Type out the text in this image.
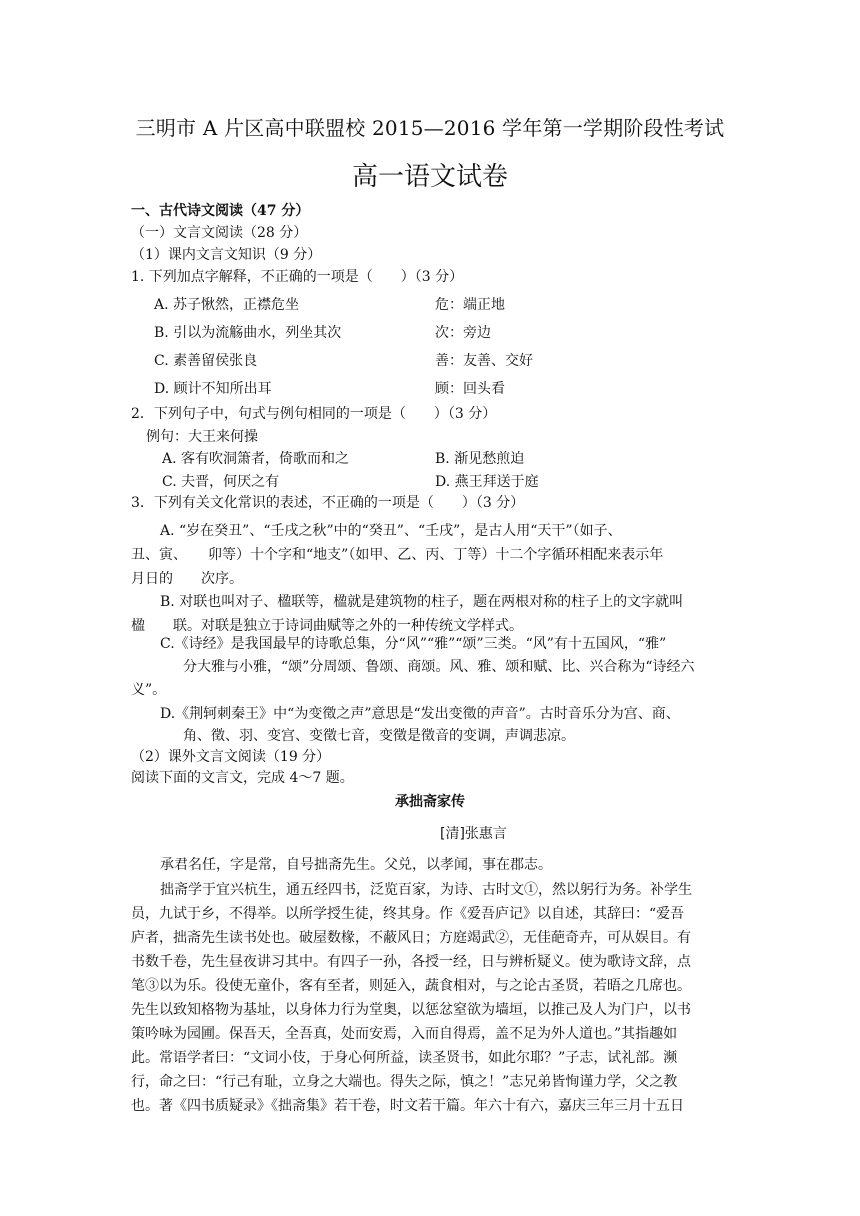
三明市 A 片区高中联盟校 2015—2016 学年第一学期阶段性考试
高一语文试卷
一、古代诗文阅读（47 分）
（一）文言文阅读（28 分）
（1）课内文言文知识（9 分）
1. 下列加点字解释，不正确的一项是（　　）（3 分）
A. 苏子愀然，正襟危坐	危：端正地
B. 引以为流觞曲水，列坐其次	次：旁边
C. 素善留侯张良	善：友善、交好
D. 顾计不知所出耳	顾：回头看
2．下列句子中，句式与例句相同的一项是（　　）（3 分）
例句：大王来何操
A. 客有吹洞箫者，倚歌而和之	B. 渐见愁煎迫
C. 夫晋，何厌之有	D. 燕王拜送于庭
3．下列有关文化常识的表述，不正确的一项是（　　）（3 分）
A. “岁在癸丑”、“壬戌之秋”中的“癸丑”、“壬戌”，是古人用“天干”（如子、
丑、寅、　　卯等）十个字和“地支”（如甲、乙、丙、丁等）十二个字循环相配来表示年
月日的　　次序。
B. 对联也叫对子、楹联等，楹就是建筑物的柱子，题在两根对称的柱子上的文字就叫
楹　　联。对联是独立于诗词曲赋等之外的一种传统文学样式。
C.《诗经》是我国最早的诗歌总集，分“风”“雅”“颂”三类。“风”有十五国风，“雅”
分大雅与小雅，“颂”分周颂、鲁颂、商颂。风、雅、颂和赋、比、兴合称为“诗经六
义”。
D.《荆轲刺秦王》中“为变徵之声”意思是“发出变徵的声音”。古时音乐分为宫、商、
角、徵、羽、变宫、变徵七音，变徵是徵音的变调，声调悲凉。
（2）课外文言文阅读（19 分）
阅读下面的文言文，完成 4～7 题。
承拙斋家传
[清]张惠言
承君名任，字是常，自号拙斋先生。父兑，以孝闻，事在郡志。
拙斋学于宜兴杭生，通五经四书，泛览百家，为诗、古时文①，然以躬行为务。补学生
员，九试于乡，不得举。以所学授生徒，终其身。作《爱吾庐记》以自述，其辞曰：“爱吾
庐者，拙斋先生读书处也。破屋数椽，不蔽风日；方庭竭武②，无佳葩奇卉，可从娱目。有
书数千卷，先生昼夜讲习其中。有四子一孙，各授一经，日与辨析疑义。使为歌诗文辞，点
笔③以为乐。役使无童仆，客有至者，则延入，蔬食相对，与之论古圣贤，若晤之几席也。
先生以致知格物为基址，以身体力行为堂奥，以惩忿窒欲为墙垣，以推己及人为门户，以书
策吟咏为园圃。保吾天，全吾真，处而安焉，入而自得焉，盖不足为外人道也。”其指趣如
此。常语学者曰：“文词小伎，于身心何所益，读圣贤书，如此尔耶？”子志，试礼部。濒
行，命之曰：“行己有耻，立身之大端也。得失之际，慎之！”志兄弟皆恂谨力学，父之教
也。著《四书质疑录》《拙斋集》若干卷，时文若干篇。年六十有六，嘉庆三年三月十五日
